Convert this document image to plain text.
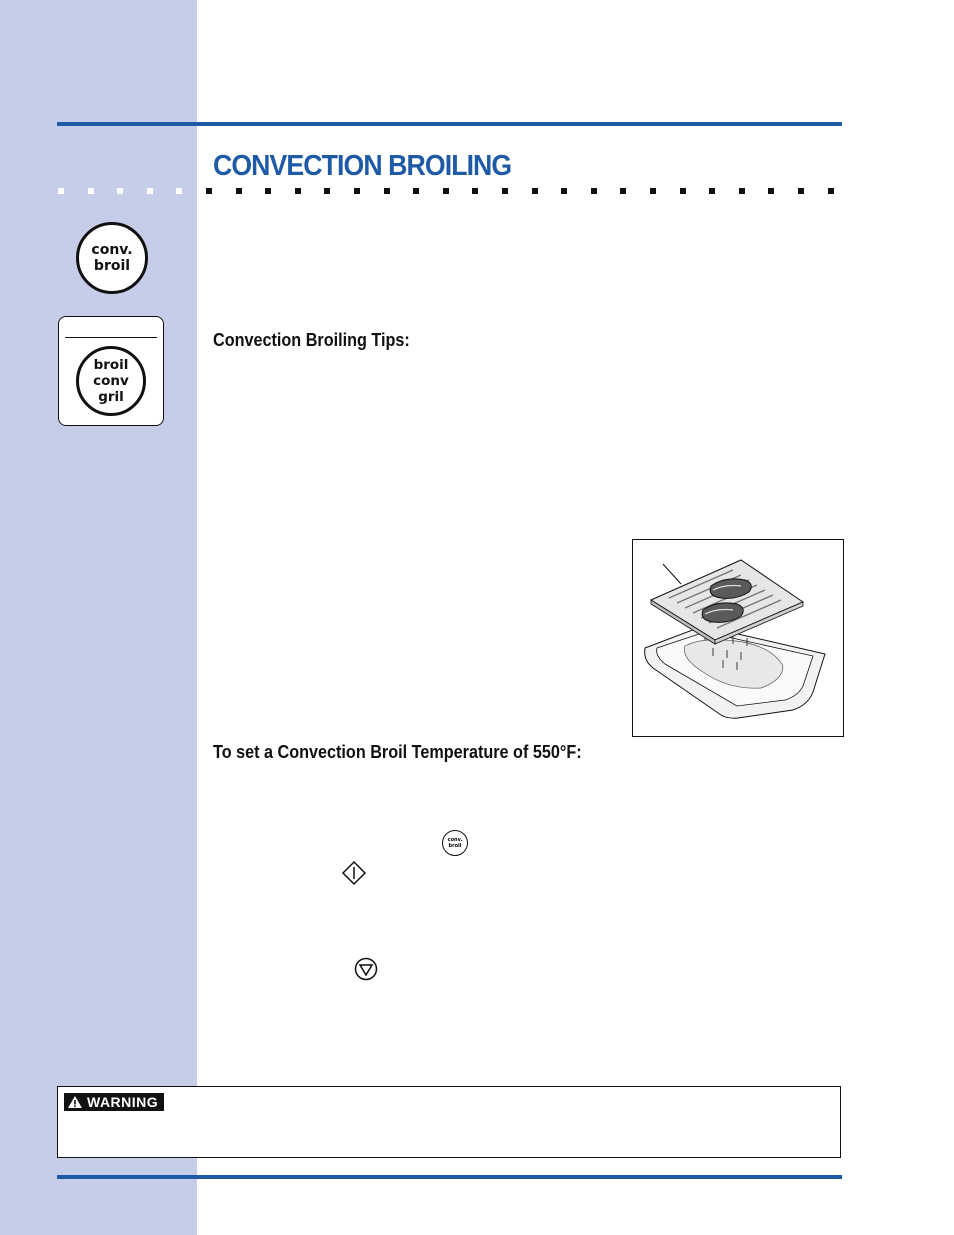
CONVECTION BROILING
conv.
broil
broil
conv
gril

Convection Broiling Tips:

To set a Convection Broil Temperature of 550°F:

conv.
broil
WARNING
